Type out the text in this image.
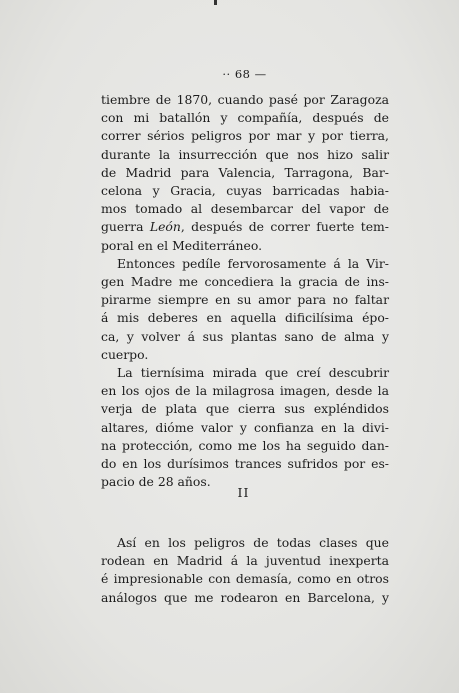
·· 68 —
tiembre de 1870, cuando pasé por Zaragoza
con mi batallón y compañía, después de
correr sérios peligros por mar y por tierra,
durante la insurrección que nos hizo salir
de Madrid para Valencia, Tarragona, Bar-
celona y Gracia, cuyas barricadas habia-
mos tomado al desembarcar del vapor de
guerra León, después de correr fuerte tem-
poral en el Mediterráneo.
Entonces pedíle fervorosamente á la Vir-
gen Madre me concediera la gracia de ins-
pirarme siempre en su amor para no faltar
á mis deberes en aquella dificilísima épo-
ca, y volver á sus plantas sano de alma y
cuerpo.
La tiernísima mirada que creí descubrir
en los ojos de la milagrosa imagen, desde la
verja de plata que cierra sus expléndidos
altares, dióme valor y confianza en la divi-
na protección, como me los ha seguido dan-
do en los durísimos trances sufridos por es-
pacio de 28 años.
II
Así en los peligros de todas clases que
rodean en Madrid á la juventud inexperta
é impresionable con demasía, como en otros
análogos que me rodearon en Barcelona, y
